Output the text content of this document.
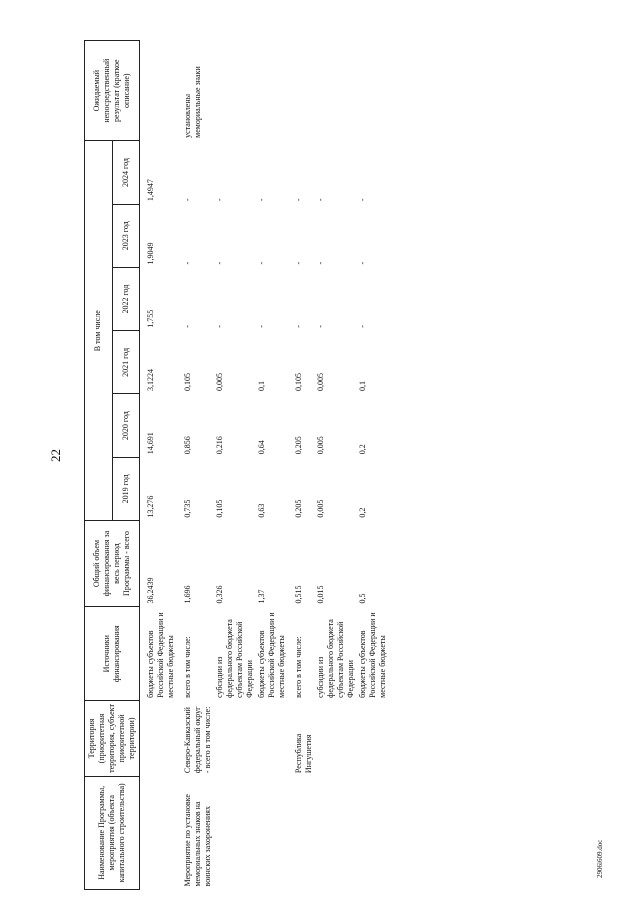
22
2906i609.doc
Наименование Программы, мероприятия (объекта капитального строительства)	Территория (приоритетная территория, субъект приоритетной территории)	Источники финансирования	Общий объем финансирования за весь период Программы - всего	В том числе						Ожидаемый непосредственный результат (краткое описание)
				2019 год	2020 год	2021 год	2022 год	2023 год	2024 год	
		бюджеты субъектов Российской Федерации и местные бюджеты	36,2439	13,276	14,691	3,1224	1,755	1,9049	1,4947	
Мероприятие по установке мемориальных знаков на воинских захоронениях	Северо-Кавказский федеральный округ - всего в том числе:	всего в том числе:	1,696	0,735	0,856	0,105	-	-	-	установлены мемориальные знаки
		субсидии из федерального бюджета субъектам Российской Федерации	0,326	0,105	0,216	0,005	-	-	-	
		бюджеты субъектов Российской Федерации и местные бюджеты	1,37	0,63	0,64	0,1	-	-	-	
	Республика Ингушетия	всего в том числе:	0,515	0,205	0,205	0,105	-	-	-	
		субсидии из федерального бюджета субъектам Российской Федерации	0,015	0,005	0,005	0,005	-	-	-	
		бюджеты субъектов Российской Федерации и местные бюджеты	0,5	0,2	0,2	0,1	-	-	-	
